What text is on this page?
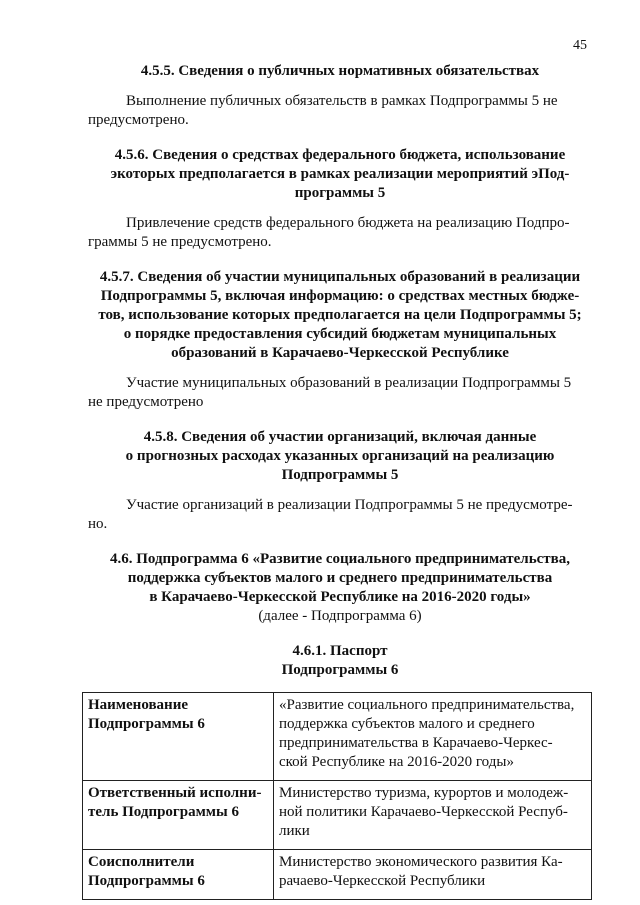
45
4.5.5. Сведения о публичных нормативных обязательствах
Выполнение публичных обязательств в рамках Подпрограммы 5 не
предусмотрено.
4.5.6. Сведения о средствах федерального бюджета, использование
экоторых предполагается в рамках реализации мероприятий эПод-
программы 5
Привлечение средств федерального бюджета на реализацию Подпро-
граммы 5 не предусмотрено.
4.5.7. Сведения об участии муниципальных образований в реализации
Подпрограммы 5, включая информацию: о средствах местных бюдже-
тов, использование которых предполагается на цели Подпрограммы 5;
о порядке предоставления субсидий бюджетам муниципальных
образований в Карачаево-Черкесской Республике
Участие муниципальных образований в реализации Подпрограммы 5
не предусмотрено
4.5.8. Сведения об участии организаций, включая данные
о прогнозных расходах указанных организаций на реализацию
Подпрограммы 5
Участие организаций в реализации Подпрограммы 5 не предусмотре-
но.
4.6. Подпрограмма 6 «Развитие социального предпринимательства,
поддержка субъектов малого и среднего предпринимательства
в Карачаево-Черкесской Республике на 2016-2020 годы»
(далее - Подпрограмма 6)
4.6.1. Паспорт
Подпрограммы 6
Наименование
Подпрограммы 6	«Развитие социального предпринимательства,
поддержка субъектов малого и среднего
предпринимательства в Карачаево-Черкес-
ской Республике на 2016-2020 годы»

Ответственный исполни-
тель Подпрограммы 6	Министерство туризма, курортов и молодеж-
ной политики Карачаево-Черкесской Респуб-
лики

Соисполнители
Подпрограммы 6	Министерство экономического развития Ка-
рачаево-Черкесской Республики
